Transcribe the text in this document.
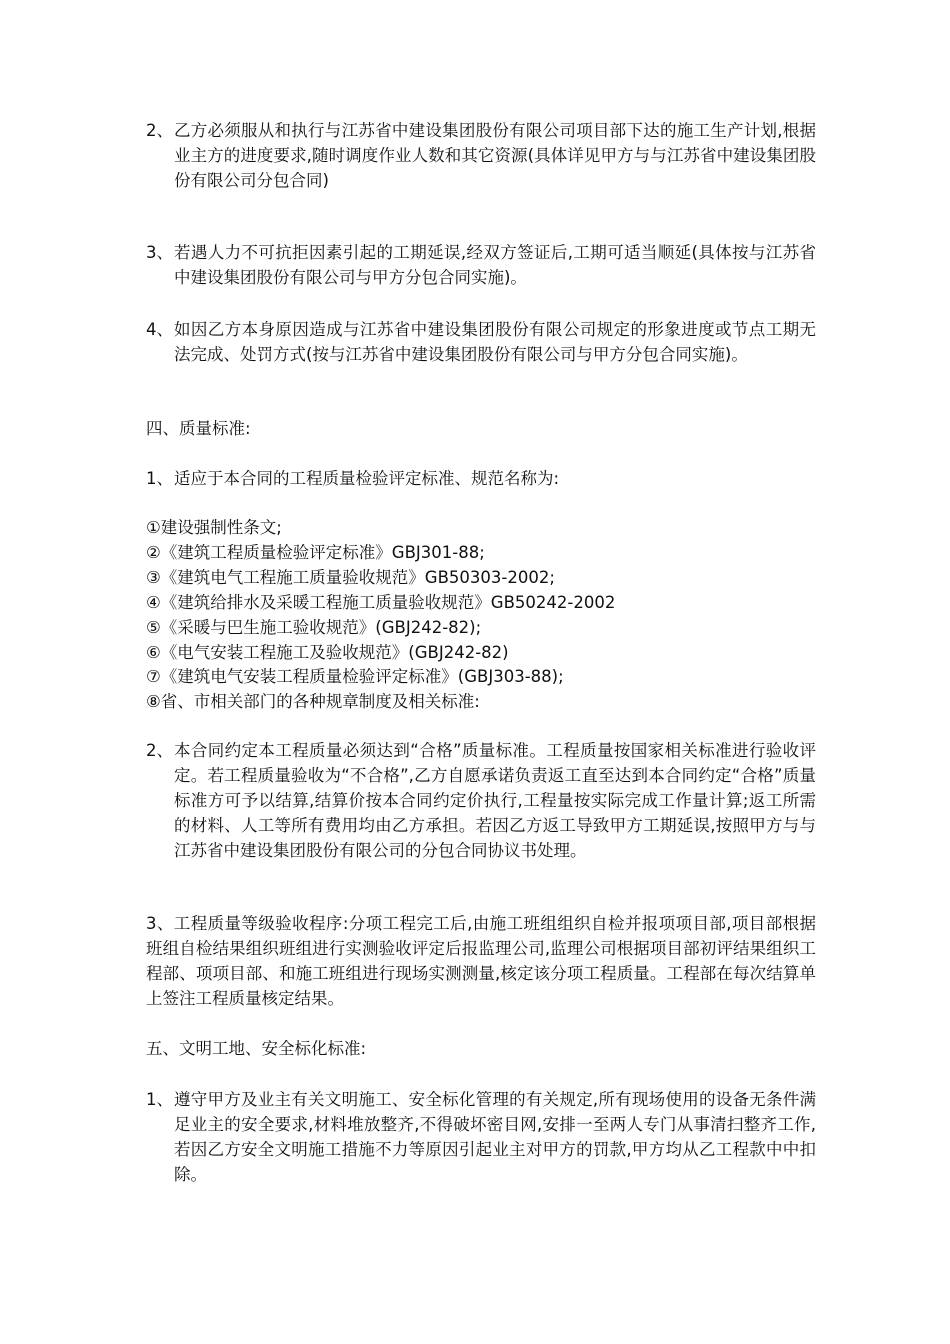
2、 乙方必须服从和执行与江苏省中建设集团股份有限公司项目部下达的施工生产计划,根据业主方的进度要求,随时调度作业人数和其它资源(具体详见甲方与与江苏省中建设集团股份有限公司分包合同)
3、 若遇人力不可抗拒因素引起的工期延误,经双方签证后,工期可适当顺延(具体按与江苏省中建设集团股份有限公司与甲方分包合同实施)。
4、 如因乙方本身原因造成与江苏省中建设集团股份有限公司规定的形象进度或节点工期无法完成、处罚方式(按与江苏省中建设集团股份有限公司与甲方分包合同实施)。
四、质量标准:
1、 适应于本合同的工程质量检验评定标准、规范名称为:
①建设强制性条文;
②《建筑工程质量检验评定标准》GBJ301-88;
③《建筑电气工程施工质量验收规范》GB50303-2002;
④《建筑给排水及采暖工程施工质量验收规范》GB50242-2002
⑤《采暖与巴生施工验收规范》(GBJ242-82);
⑥《电气安装工程施工及验收规范》(GBJ242-82)
⑦《建筑电气安装工程质量检验评定标准》(GBJ303-88);
⑧省、市相关部门的各种规章制度及相关标准:
2、 本合同约定本工程质量必须达到“合格”质量标准。工程质量按国家相关标准进行验收评定。若工程质量验收为“不合格”,乙方自愿承诺负责返工直至达到本合同约定“合格”质量标准方可予以结算,结算价按本合同约定价执行,工程量按实际完成工作量计算;返工所需的材料、人工等所有费用均由乙方承担。若因乙方返工导致甲方工期延误,按照甲方与与江苏省中建设集团股份有限公司的分包合同协议书处理。
3、工程质量等级验收程序:分项工程完工后,由施工班组组织自检并报项项目部,项目部根据班组自检结果组织班组进行实测验收评定后报监理公司,监理公司根据项目部初评结果组织工程部、项项目部、和施工班组进行现场实测测量,核定该分项工程质量。工程部在每次结算单上签注工程质量核定结果。
五、文明工地、安全标化标准:
1、 遵守甲方及业主有关文明施工、安全标化管理的有关规定,所有现场使用的设备无条件满足业主的安全要求,材料堆放整齐,不得破坏密目网,安排一至两人专门从事清扫整齐工作,若因乙方安全文明施工措施不力等原因引起业主对甲方的罚款,甲方均从乙工程款中中扣除。
